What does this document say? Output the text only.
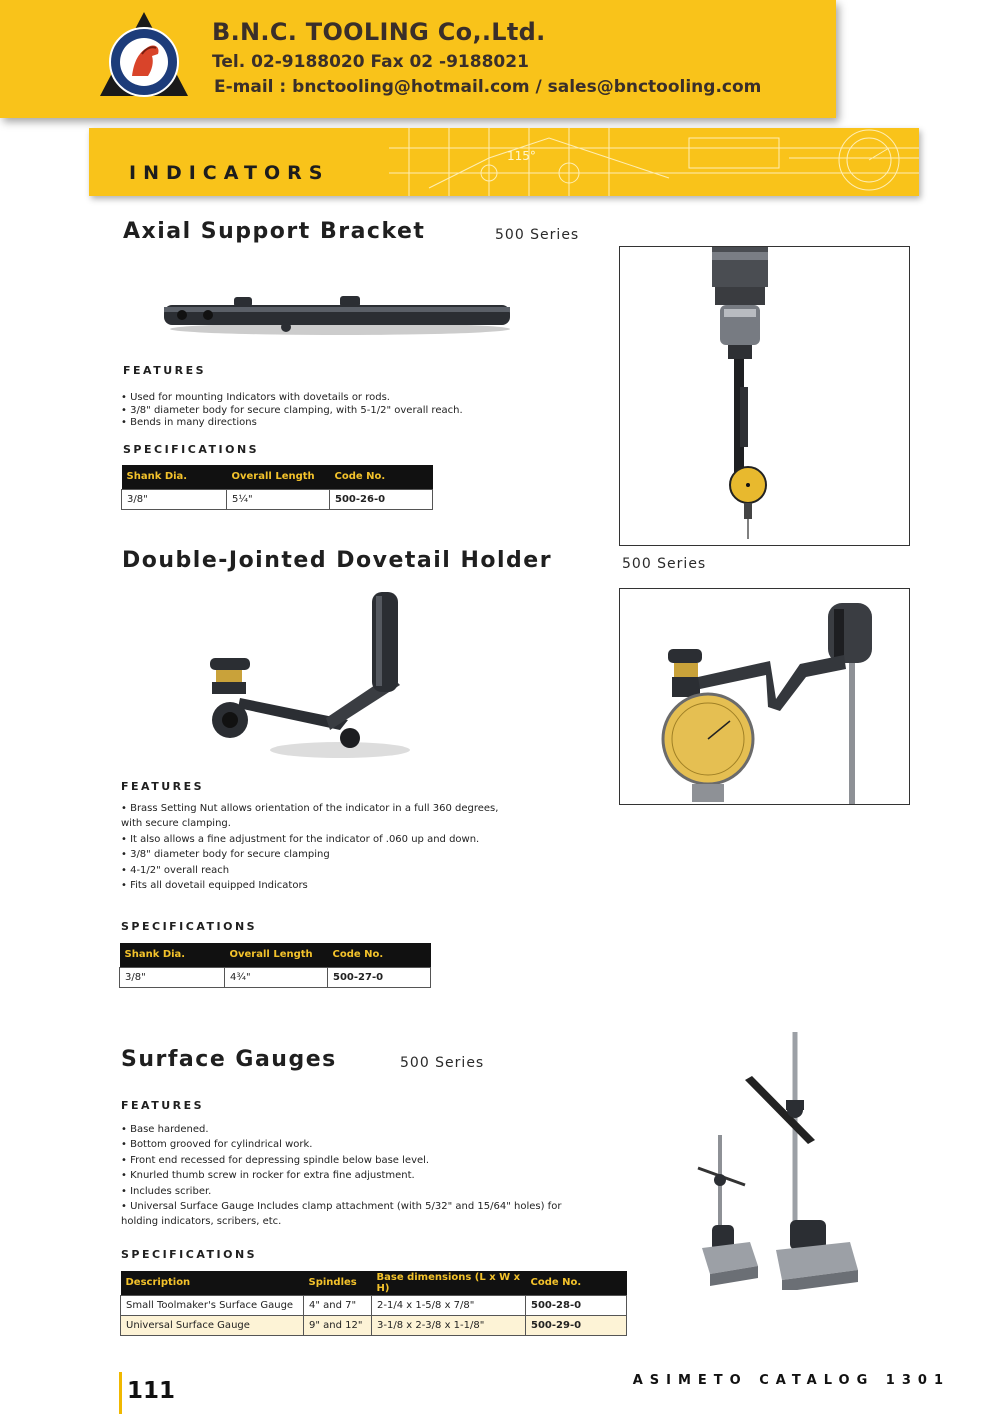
B.N.C. TOOLING Co,.Ltd.
Tel. 02-9188020 Fax 02 -9188021
E-mail : bnctooling@hotmail.com / sales@bnctooling.com
INDICATORS
115°
Axial Support Bracket	500 Series
FEATURES
• Used for mounting Indicators with dovetails or rods.
• 3/8" diameter body for secure clamping, with 5-1/2" overall reach.
• Bends in many directions
SPECIFICATIONS
Shank Dia.	Overall Length	Code No.
3/8"	5¼"	500-26-0
Double-Jointed Dovetail Holder	500 Series
FEATURES
• Brass Setting Nut allows orientation of the indicator in a full 360 degrees,
with secure clamping.
• It also allows a fine adjustment for the indicator of .060 up and down.
• 3/8" diameter body for secure clamping
• 4-1/2" overall reach
• Fits all dovetail equipped Indicators
SPECIFICATIONS
Shank Dia.	Overall Length	Code No.
3/8"	4¾"	500-27-0
Surface Gauges	500 Series
FEATURES
• Base hardened.
• Bottom grooved for cylindrical work.
• Front end recessed for depressing spindle below base level.
• Knurled thumb screw in rocker for extra fine adjustment.
• Includes scriber.
• Universal Surface Gauge Includes clamp attachment (with 5/32" and 15/64" holes) for
holding indicators, scribers, etc.
SPECIFICATIONS
Description	Spindles	Base dimensions (L x W x H)	Code No.
Small Toolmaker's Surface Gauge	4" and 7"	2-1/4 x 1-5/8 x 7/8"	500-28-0
Universal Surface Gauge	9" and 12"	3-1/8 x 2-3/8 x 1-1/8"	500-29-0
111	ASIMETO CATALOG 1301
